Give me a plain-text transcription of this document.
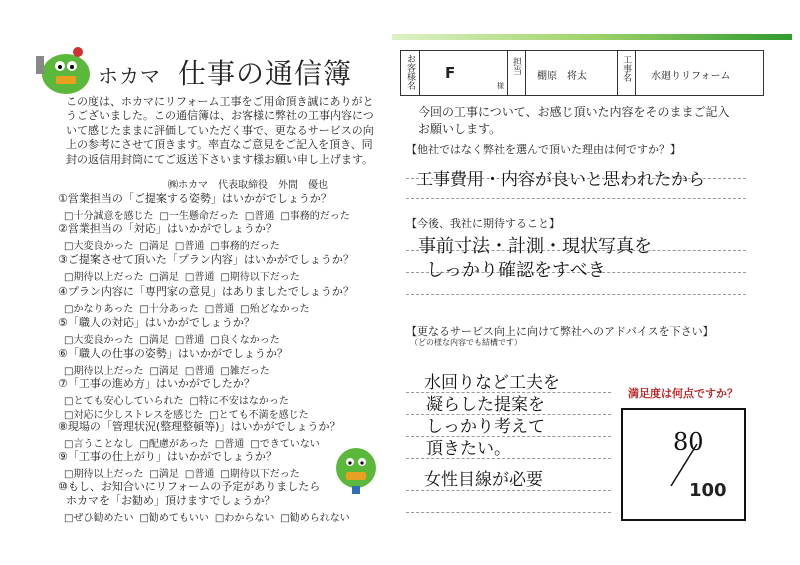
ホカマ 仕事の通信簿
この度は、ホカマにリフォーム工事をご用命頂き誠にありがとうございました。この通信簿は、お客様に弊社の工事内容について感じたままに評価していただく事で、更なるサービスの向上の参考にさせて頂きます。率直なご意見をご記入を頂き、同封の返信用封筒にてご返送下さいます様お願い申し上げます。
㈱ホカマ　代表取締役　外間　優也
①営業担当の「ご提案する姿勢」はいかがでしょうか？
□十分誠意を感じた □一生懸命だった □普通 □事務的だった
②営業担当の「対応」はいかがでしょうか？
□大変良かった □満足 □普通 □事務的だった
③ご提案させて頂いた「プラン内容」はいかがでしょうか？
□期待以上だった □満足 □普通 □期待以下だった
④プラン内容に「専門家の意見」はありましたでしょうか？
□かなりあった □十分あった □普通 □殆どなかった
⑤「職人の対応」はいかがでしょうか？
□大変良かった □満足 □普通 □良くなかった
⑥「職人の仕事の姿勢」はいかがでしょうか？
□期待以上だった □満足 □普通 □雑だった
⑦「工事の進め方」はいかがでしたか？
□とても安心していられた □特に不安はなかった
□対応に少しストレスを感じた □とても不満を感じた
⑧現場の「管理状況(整理整頓等)」はいかがでしょうか？
□言うことなし □配慮があった □普通 □できていない
⑨「工事の仕上がり」はいかがでしょうか？
□期待以上だった □満足 □普通 □期待以下だった
⑩もし、お知合いにリフォームの予定がありましたら
ホカマを「お勧め」頂けますでしょうか？
□ぜひ勧めたい □勧めてもいい □わからない □勧められない
お客様名 F
様
担当
棚原　将太	工事名 水廻りリフォーム
今回の工事について、お感じ頂いた内容をそのままご記入お願いします。
【他社ではなく弊社を選んで頂いた理由は何ですか？】
工事費用・内容が良いと思われたから
【今後、我社に期待すること】
事前寸法・計測・現状写真を
しっかり確認をすべき
【更なるサービス向上に向けて弊社へのアドバイスを下さい】
（どの様な内容でも結構です）
水回りなど工夫を
凝らした提案を
しっかり考えて
頂きたい。
女性目線が必要
満足度は何点ですか？
80
100
